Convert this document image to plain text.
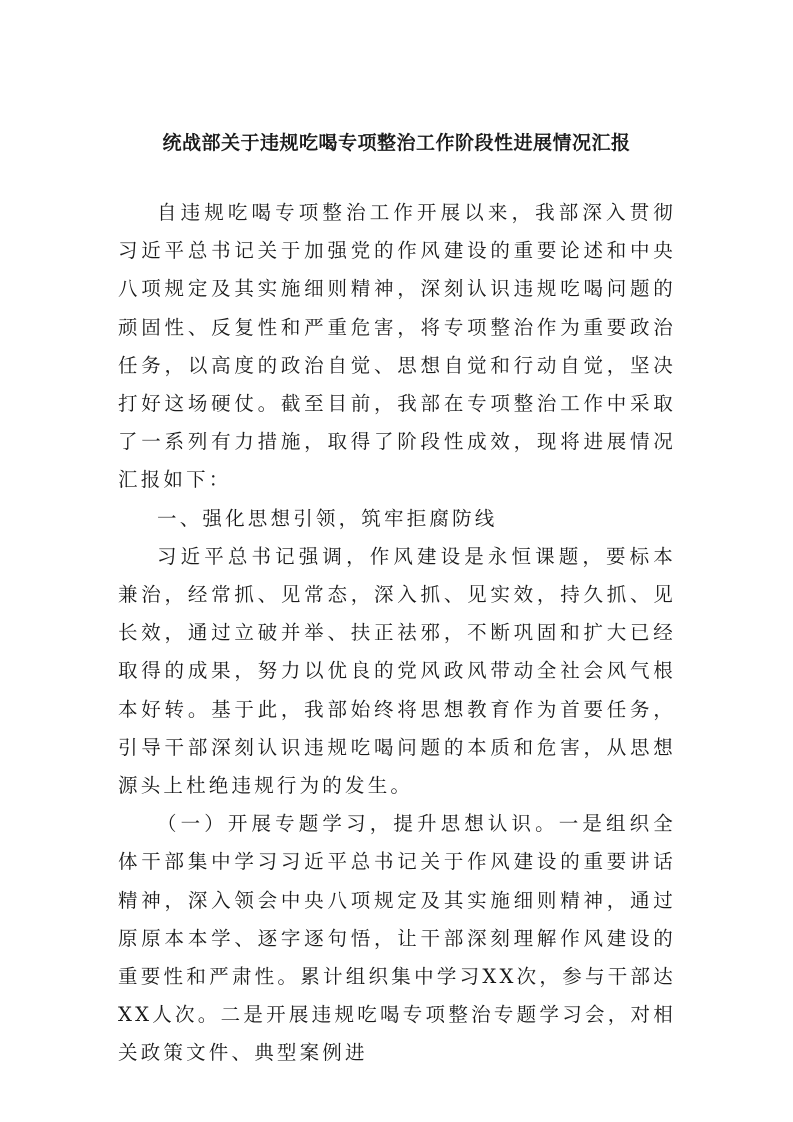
统战部关于违规吃喝专项整治工作阶段性进展情况汇报

自违规吃喝专项整治工作开展以来，我部深入贯彻习近平总书记关于加强党的作风建设的重要论述和中央八项规定及其实施细则精神，深刻认识违规吃喝问题的顽固性、反复性和严重危害，将专项整治作为重要政治任务，以高度的政治自觉、思想自觉和行动自觉，坚决打好这场硬仗。截至目前，我部在专项整治工作中采取了一系列有力措施，取得了阶段性成效，现将进展情况汇报如下：

一、强化思想引领，筑牢拒腐防线

习近平总书记强调，作风建设是永恒课题，要标本兼治，经常抓、见常态，深入抓、见实效，持久抓、见长效，通过立破并举、扶正祛邪，不断巩固和扩大已经取得的成果，努力以优良的党风政风带动全社会风气根本好转。基于此，我部始终将思想教育作为首要任务，引导干部深刻认识违规吃喝问题的本质和危害，从思想源头上杜绝违规行为的发生。

（一）开展专题学习，提升思想认识。一是组织全体干部集中学习习近平总书记关于作风建设的重要讲话精神，深入领会中央八项规定及其实施细则精神，通过原原本本学、逐字逐句悟，让干部深刻理解作风建设的重要性和严肃性。累计组织集中学习XX次，参与干部达XX人次。二是开展违规吃喝专项整治专题学习会，对相关政策文件、典型案例进
